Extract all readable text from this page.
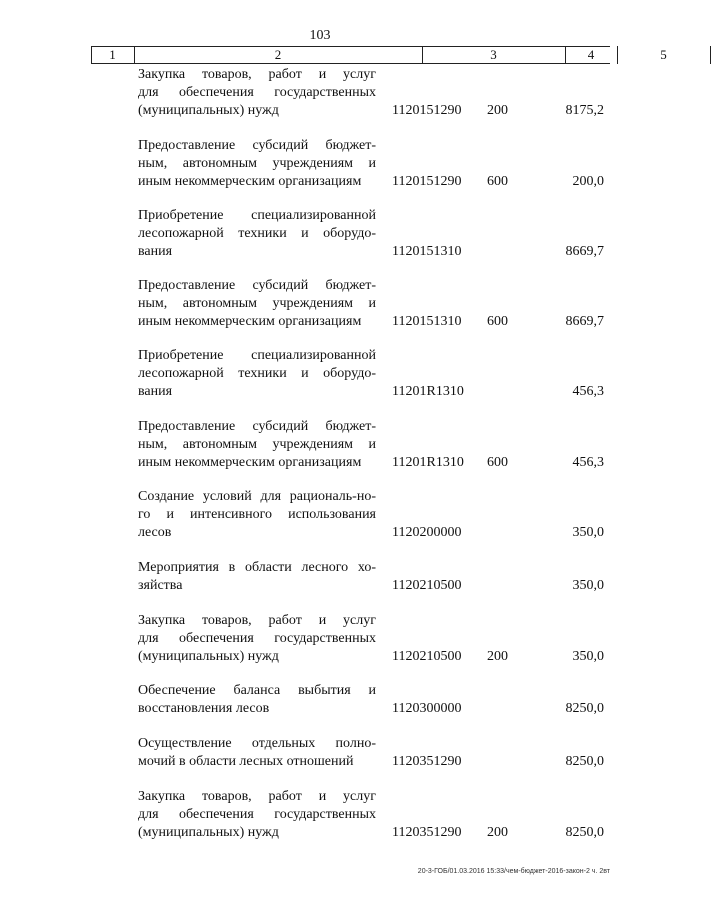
103
1	2	3	4	5
Закупка товаров, работ и услуг
для обеспечения государственных
(муниципальных) нужд	1120151290 200	8175,2
Предоставление субсидий бюджет-
ным, автономным учреждениям и
иным некоммерческим организациям	1120151290 600	200,0
Приобретение специализированной
лесопожарной техники и оборудо-
вания	1120151310	8669,7
Предоставление субсидий бюджет-
ным, автономным учреждениям и
иным некоммерческим организациям	1120151310 600	8669,7
Приобретение специализированной
лесопожарной техники и оборудо-
вания	11201R1310	456,3
Предоставление субсидий бюджет-
ным, автономным учреждениям и
иным некоммерческим организациям	11201R1310 600	456,3
Создание условий для рациональ-но-
го и интенсивного использования
лесов	1120200000	350,0
Мероприятия в области лесного хо-
зяйства	1120210500	350,0
Закупка товаров, работ и услуг
для обеспечения государственных
(муниципальных) нужд	1120210500 200	350,0
Обеспечение баланса выбытия и
восстановления лесов	1120300000	8250,0
Осуществление отдельных полно-
мочий в области лесных отношений	1120351290	8250,0
Закупка товаров, работ и услуг
для обеспечения государственных
(муниципальных) нужд	1120351290 200	8250,0
20-3-ГОБ/01.03.2016 15:33/чем-бюджет-2016-закон-2 ч. 2вт
